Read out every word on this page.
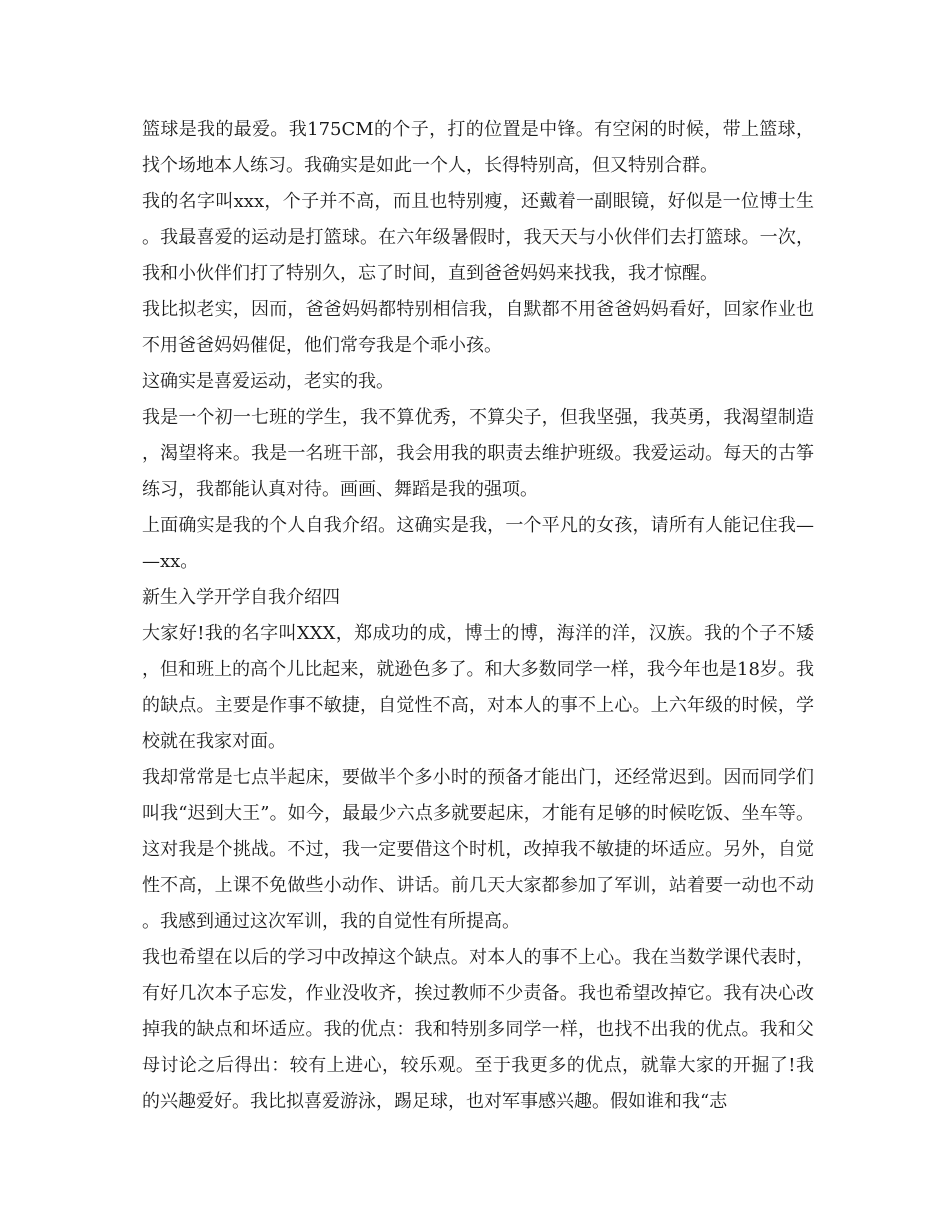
篮球是我的最爱。我175CM的个子，打的位置是中锋。有空闲的时候，带上篮球，找个场地本人练习。我确实是如此一个人，长得特别高，但又特别合群。

我的名字叫xxx，个子并不高，而且也特别瘦，还戴着一副眼镜，好似是一位博士生。我最喜爱的运动是打篮球。在六年级暑假时，我天天与小伙伴们去打篮球。一次，我和小伙伴们打了特别久，忘了时间，直到爸爸妈妈来找我，我才惊醒。

我比拟老实，因而，爸爸妈妈都特别相信我，自默都不用爸爸妈妈看好，回家作业也不用爸爸妈妈催促，他们常夸我是个乖小孩。

这确实是喜爱运动，老实的我。

我是一个初一七班的学生，我不算优秀，不算尖子，但我坚强，我英勇，我渴望制造，渴望将来。我是一名班干部，我会用我的职责去维护班级。我爱运动。每天的古筝练习，我都能认真对待。画画、舞蹈是我的强项。

上面确实是我的个人自我介绍。这确实是我，一个平凡的女孩，请所有人能记住我——xx。

新生入学开学自我介绍四

大家好!我的名字叫XXX，郑成功的成，博士的博，海洋的洋，汉族。我的个子不矮，但和班上的高个儿比起来，就逊色多了。和大多数同学一样，我今年也是18岁。我的缺点。主要是作事不敏捷，自觉性不高，对本人的事不上心。上六年级的时候，学校就在我家对面。

我却常常是七点半起床，要做半个多小时的预备才能出门，还经常迟到。因而同学们叫我“迟到大王”。如今，最最少六点多就要起床，才能有足够的时候吃饭、坐车等。这对我是个挑战。不过，我一定要借这个时机，改掉我不敏捷的坏适应。另外，自觉性不高，上课不免做些小动作、讲话。前几天大家都参加了军训，站着要一动也不动。我感到通过这次军训，我的自觉性有所提高。

我也希望在以后的学习中改掉这个缺点。对本人的事不上心。我在当数学课代表时，有好几次本子忘发，作业没收齐，挨过教师不少责备。我也希望改掉它。我有决心改掉我的缺点和坏适应。我的优点：我和特别多同学一样，也找不出我的优点。我和父母讨论之后得出：较有上进心，较乐观。至于我更多的优点，就靠大家的开掘了!我的兴趣爱好。我比拟喜爱游泳，踢足球，也对军事感兴趣。假如谁和我“志
